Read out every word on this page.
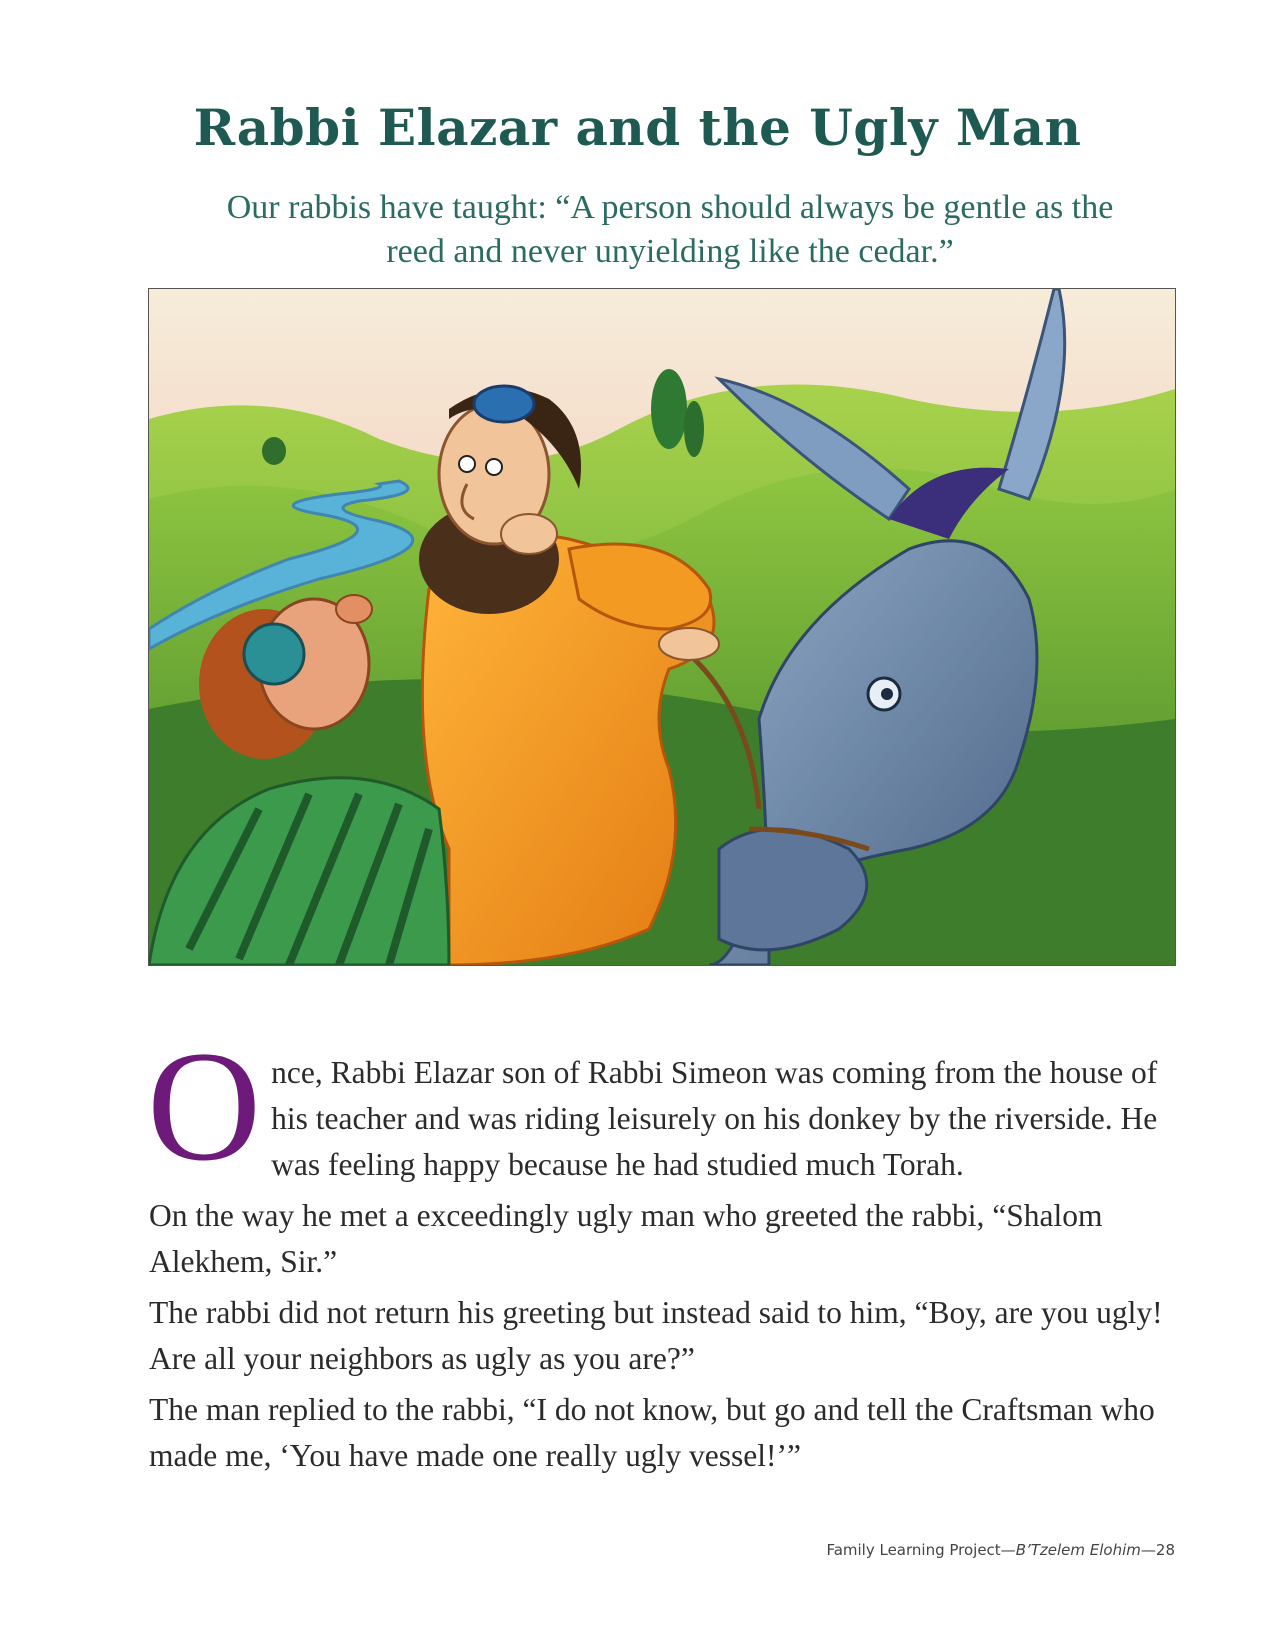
Rabbi Elazar and the Ugly Man
Our rabbis have taught: “A person should always be gentle as the
reed and never unyielding like the cedar.”

Once, Rabbi Elazar son of Rabbi Simeon was coming from the house of his teacher and was riding leisurely on his donkey by the riverside. He was feeling happy because he had studied much Torah.

On the way he met a exceedingly ugly man who greeted the rabbi, “Shalom Alekhem, Sir.”

The rabbi did not return his greeting but instead said to him, “Boy, are you ugly! Are all your neighbors as ugly as you are?”

The man replied to the rabbi, “I do not know, but go and tell the Craftsman who made me, ‘You have made one really ugly vessel!’”

Family Learning Project—B’Tzelem Elohim—28
